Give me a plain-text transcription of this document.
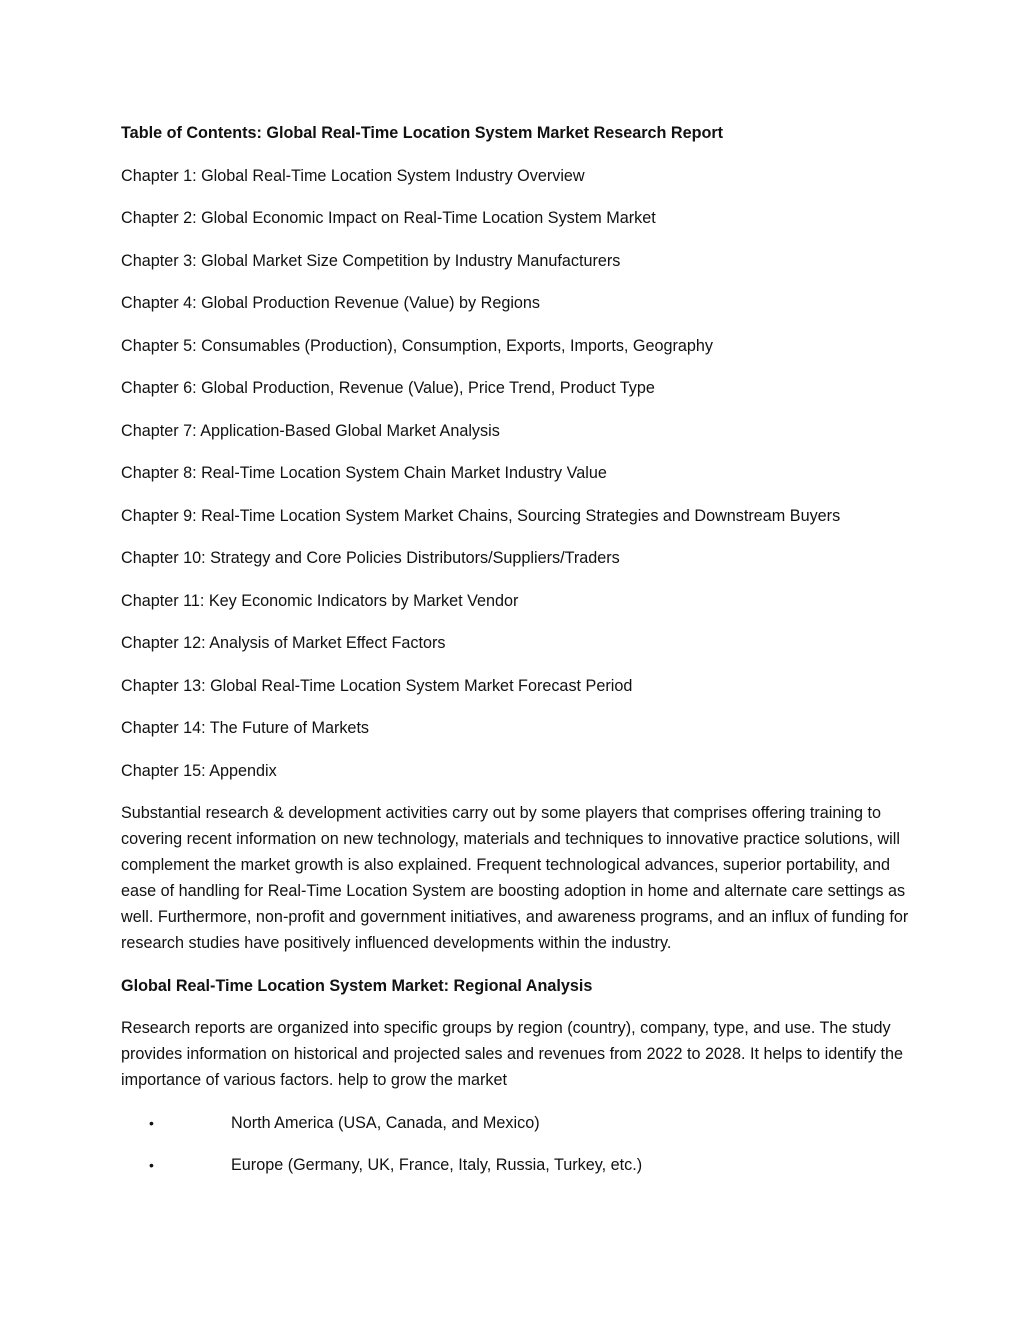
Table of Contents: Global Real-Time Location System Market Research Report
Chapter 1: Global Real-Time Location System Industry Overview
Chapter 2: Global Economic Impact on Real-Time Location System Market
Chapter 3: Global Market Size Competition by Industry Manufacturers
Chapter 4: Global Production Revenue (Value) by Regions
Chapter 5: Consumables (Production), Consumption, Exports, Imports, Geography
Chapter 6: Global Production, Revenue (Value), Price Trend, Product Type
Chapter 7: Application-Based Global Market Analysis
Chapter 8: Real-Time Location System Chain Market Industry Value
Chapter 9: Real-Time Location System Market Chains, Sourcing Strategies and Downstream Buyers
Chapter 10: Strategy and Core Policies Distributors/Suppliers/Traders
Chapter 11: Key Economic Indicators by Market Vendor
Chapter 12: Analysis of Market Effect Factors
Chapter 13: Global Real-Time Location System Market Forecast Period
Chapter 14: The Future of Markets
Chapter 15: Appendix

Substantial research & development activities carry out by some players that comprises offering training to covering recent information on new technology, materials and techniques to innovative practice solutions, will complement the market growth is also explained. Frequent technological advances, superior portability, and ease of handling for Real-Time Location System are boosting adoption in home and alternate care settings as well. Furthermore, non-profit and government initiatives, and awareness programs, and an influx of funding for research studies have positively influenced developments within the industry.

Global Real-Time Location System Market: Regional Analysis

Research reports are organized into specific groups by region (country), company, type, and use. The study provides information on historical and projected sales and revenues from 2022 to 2028. It helps to identify the importance of various factors. help to grow the market

•	North America (USA, Canada, and Mexico)
•	Europe (Germany, UK, France, Italy, Russia, Turkey, etc.)
